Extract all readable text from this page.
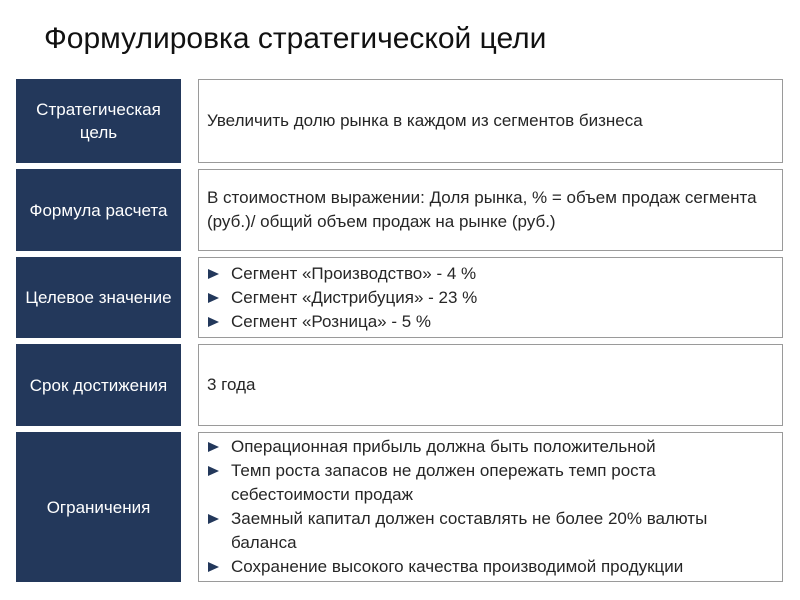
Формулировка стратегической цели
Стратегическая цель
Увеличить долю рынка в каждом из сегментов бизнеса
Формула расчета
В стоимостном выражении: Доля рынка, % = объем продаж сегмента (руб.)/ общий объем продаж на рынке (руб.)
Целевое значение
Сегмент «Производство» - 4 %
Сегмент «Дистрибуция» - 23 %
Сегмент «Розница» - 5 %
Срок достижения	3 года
Ограничения
Операционная прибыль должна быть положительной
Темп роста запасов не должен опережать темп роста себестоимости продаж
Заемный капитал должен составлять не более 20% валюты баланса
Сохранение высокого качества производимой продукции
